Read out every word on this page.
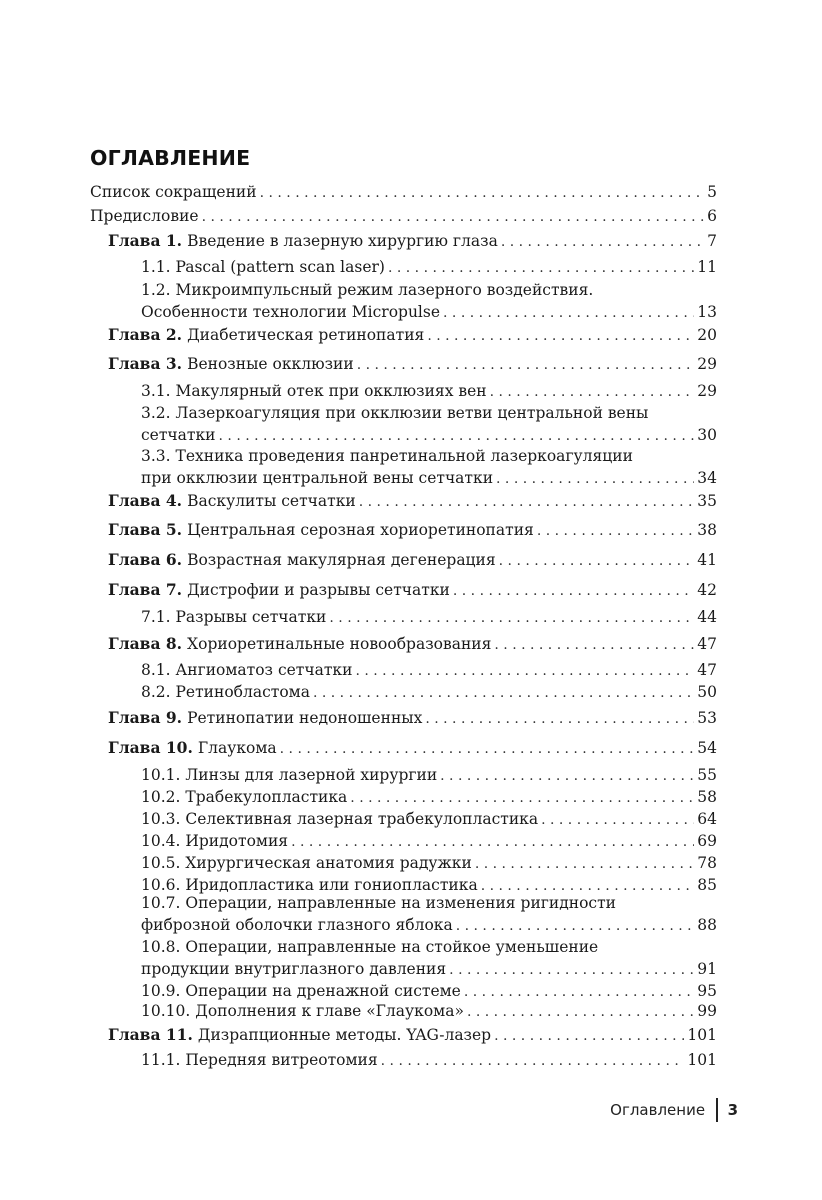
ОГЛАВЛЕНИЕ
Список сокращений . . .	5
Предисловие . . .	6
Глава 1. Введение в лазерную хирургию глаза . . .	7
1.1. Pascal (pattern scan laser) . . .	11
1.2. Микроимпульсный режим лазерного воздействия.
Особенности технологии Micropulse . . .	13
Глава 2. Диабетическая ретинопатия . . .	20
Глава 3. Венозные окклюзии . . .	29
3.1. Макулярный отек при окклюзиях вен . . .	29
3.2. Лазеркоагуляция при окклюзии ветви центральной вены
сетчатки . . .	30
3.3. Техника проведения панретинальной лазеркоагуляции
при окклюзии центральной вены сетчатки . . .	34
Глава 4. Васкулиты сетчатки . . .	35
Глава 5. Центральная серозная хориоретинопатия . . .	38
Глава 6. Возрастная макулярная дегенерация . . .	41
Глава 7. Дистрофии и разрывы сетчатки . . .	42
7.1. Разрывы сетчатки . . .	44
Глава 8. Хориоретинальные новообразования . . .	47
8.1. Ангиоматоз сетчатки . . .	47
8.2. Ретинобластома . . .	50
Глава 9. Ретинопатии недоношенных . . .	53
Глава 10. Глаукома . . .	54
10.1. Линзы для лазерной хирургии . . .	55
10.2. Трабекулопластика . . .	58
10.3. Селективная лазерная трабекулопластика . . .	64
10.4. Иридотомия . . .	69
10.5. Хирургическая анатомия радужки . . .	78
10.6. Иридопластика или гониопластика . . .	85
10.7. Операции, направленные на изменения ригидности
фиброзной оболочки глазного яблока . . .	88
10.8. Операции, направленные на стойкое уменьшение
продукции внутриглазного давления . . .	91
10.9. Операции на дренажной системе . . .	95
10.10. Дополнения к главе «Глаукома» . . .	99
Глава 11. Дизрапционные методы. YAG-лазер . . .	101
11.1. Передняя витреотомия . . .	101
Оглавление 3
